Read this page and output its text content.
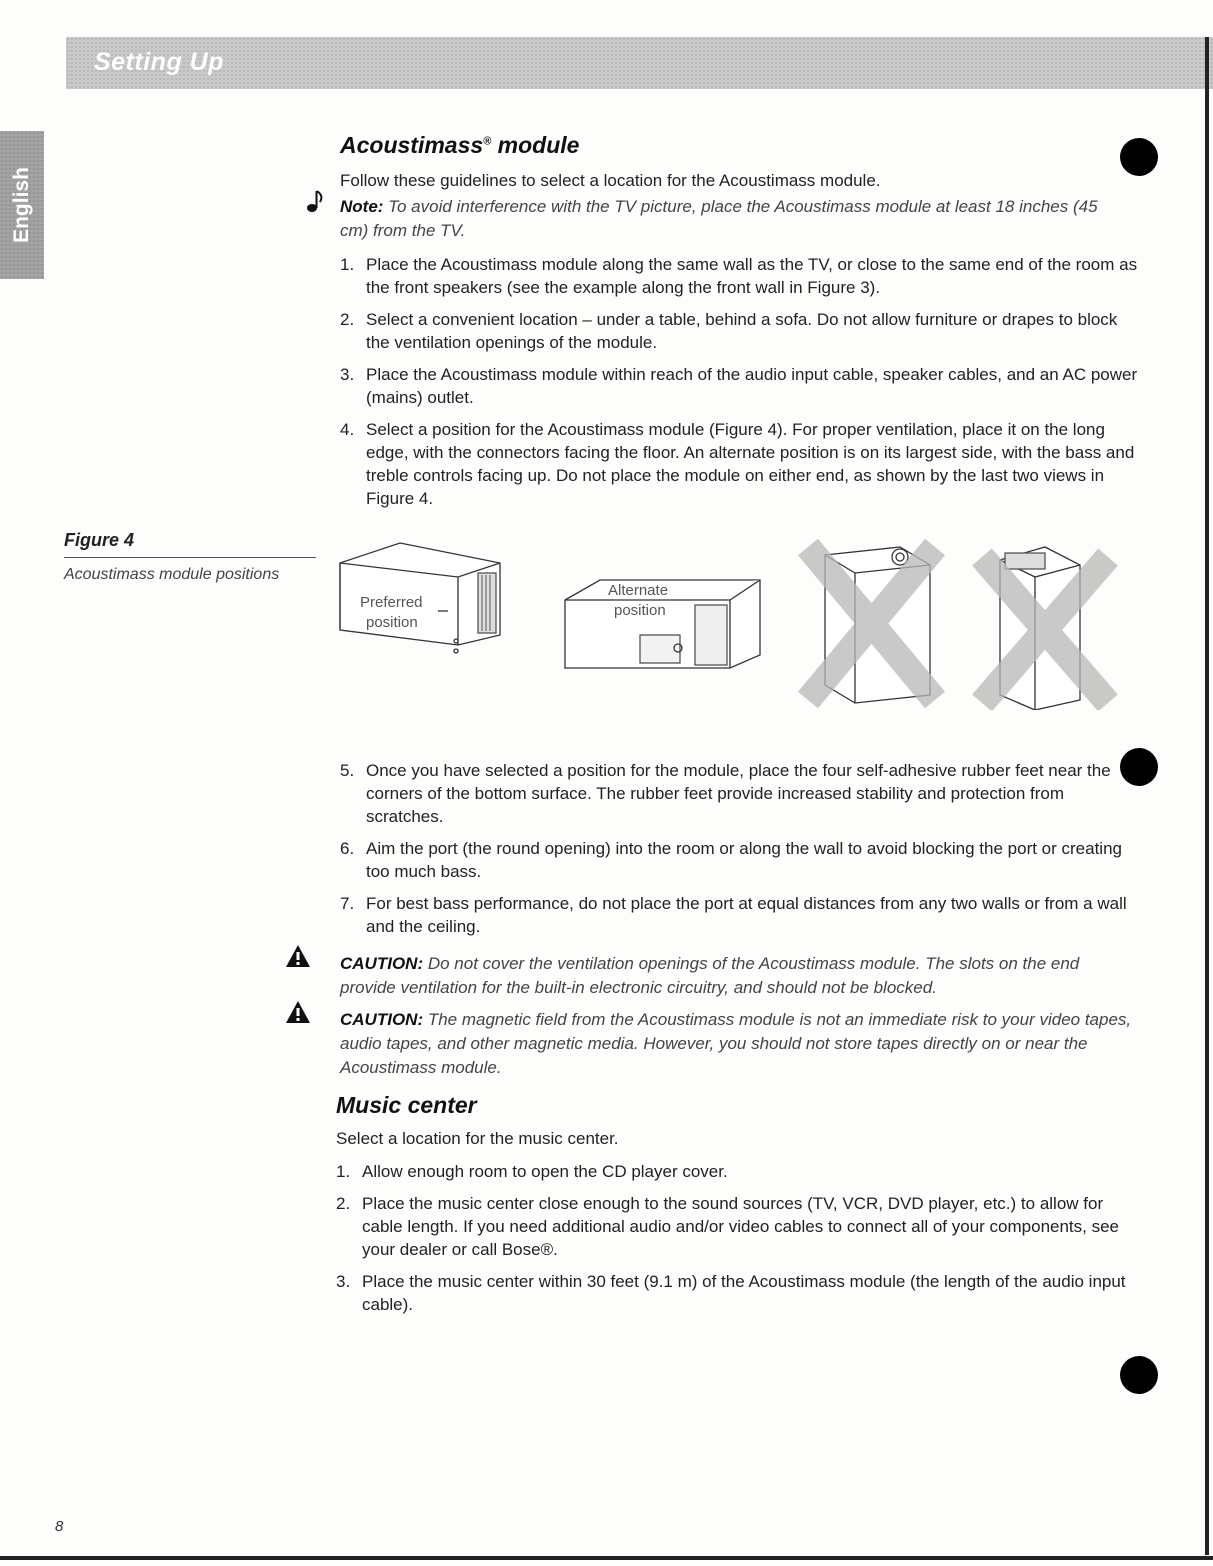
Setting Up
English
Acoustimass® module

Follow these guidelines to select a location for the Acoustimass module.

Note: To avoid interference with the TV picture, place the Acoustimass module at least 18 inches (45 cm) from the TV.

1. Place the Acoustimass module along the same wall as the TV, or close to the same end of the room as the front speakers (see the example along the front wall in Figure 3).
2. Select a convenient location – under a table, behind a sofa. Do not allow furniture or drapes to block the ventilation openings of the module.
3. Place the Acoustimass module within reach of the audio input cable, speaker cables, and an AC power (mains) outlet.
4. Select a position for the Acoustimass module (Figure 4). For proper ventilation, place it on the long edge, with the connectors facing the floor. An alternate position is on its largest side, with the bass and treble controls facing up. Do not place the module on either end, as shown by the last two views in Figure 4.
Figure 4
Acoustimass module positions
Preferred
position
Alternate
position
5. Once you have selected a position for the module, place the four self-adhesive rubber feet near the corners of the bottom surface. The rubber feet provide increased stability and protection from scratches.
6. Aim the port (the round opening) into the room or along the wall to avoid blocking the port or creating too much bass.
7. For best bass performance, do not place the port at equal distances from any two walls or from a wall and the ceiling.

CAUTION: Do not cover the ventilation openings of the Acoustimass module. The slots on the end provide ventilation for the built-in electronic circuitry, and should not be blocked.

CAUTION: The magnetic field from the Acoustimass module is not an immediate risk to your video tapes, audio tapes, and other magnetic media. However, you should not store tapes directly on or near the Acoustimass module.

Music center

Select a location for the music center.

1. Allow enough room to open the CD player cover.
2. Place the music center close enough to the sound sources (TV, VCR, DVD player, etc.) to allow for cable length. If you need additional audio and/or video cables to connect all of your components, see your dealer or call Bose®.
3. Place the music center within 30 feet (9.1 m) of the Acoustimass module (the length of the audio input cable).
8
